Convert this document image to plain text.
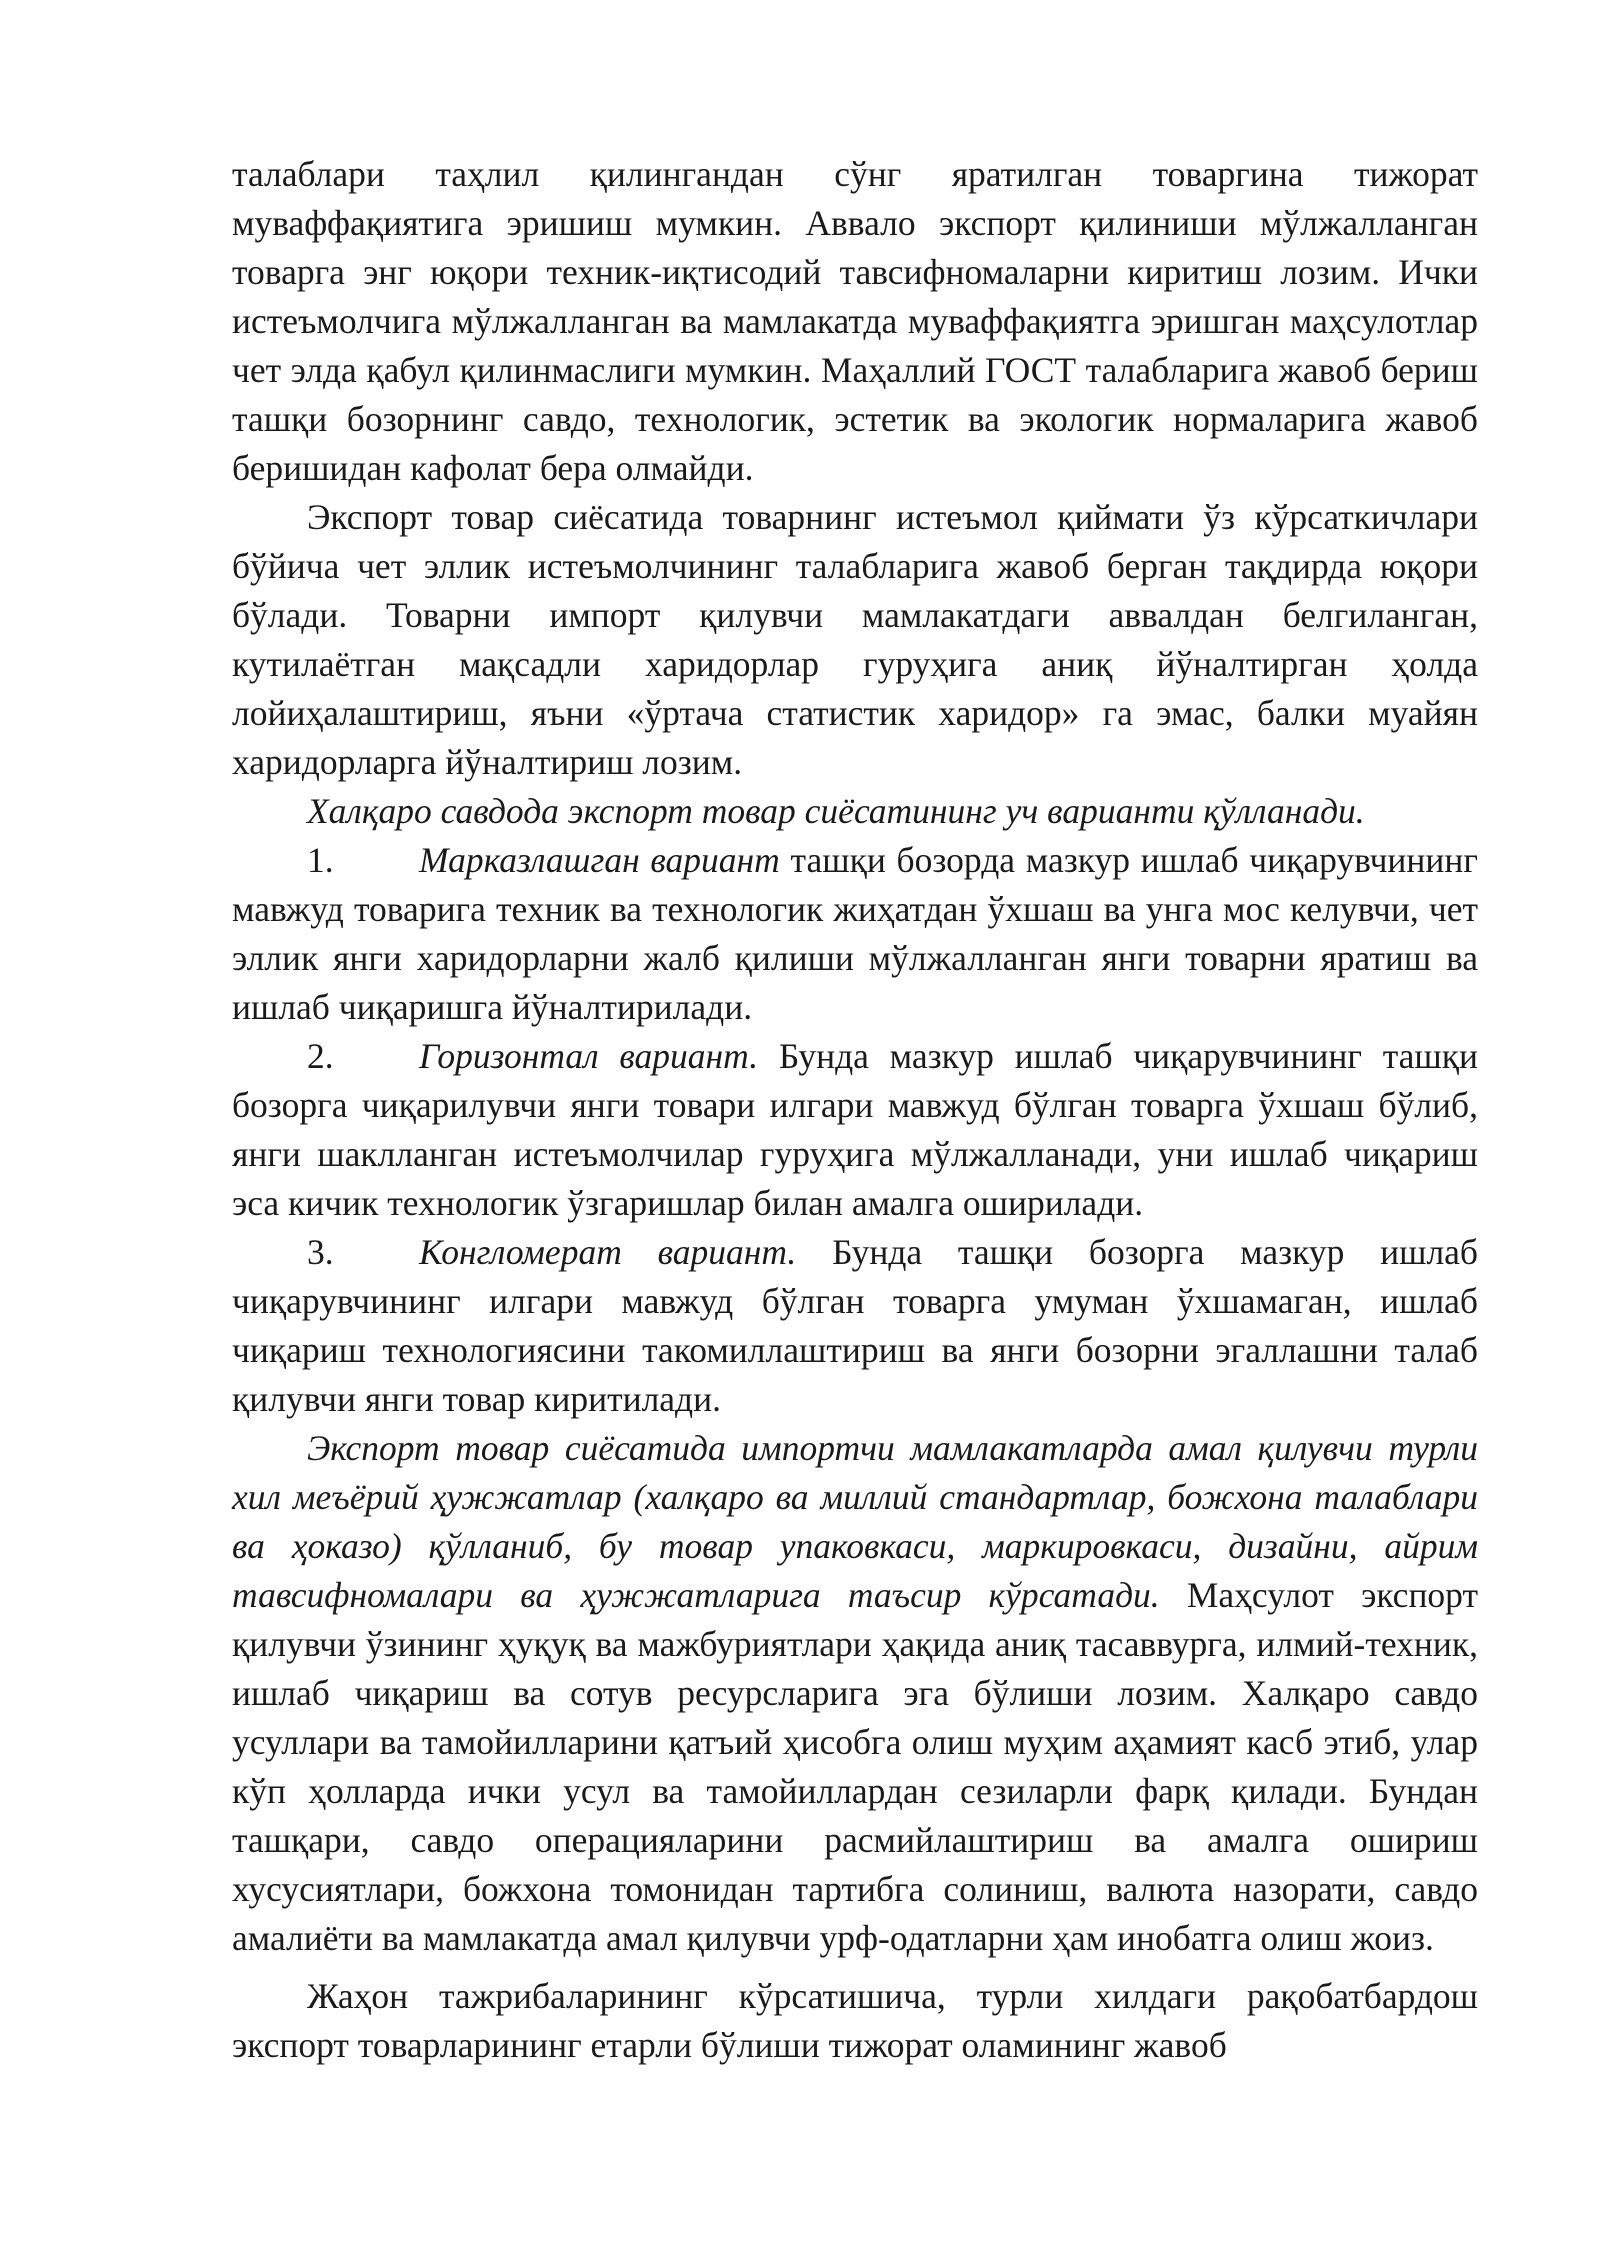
талаблари таҳлил қилингандан сўнг яратилган товаргина тижорат муваффақиятига эришиш мумкин. Аввало экспорт қилиниши мўлжалланган товарга энг юқори техник-иқтисодий тавсифномаларни киритиш лозим. Ички истеъмолчига мўлжалланган ва мамлакатда муваффақиятга эришган маҳсулотлар чет элда қабул қилинмаслиги мумкин. Маҳаллий ГОСТ талабларига жавоб бериш ташқи бозорнинг савдо, технологик, эстетик ва экологик нормаларига жавоб беришидан кафолат бера олмайди.

Экспорт товар сиёсатида товарнинг истеъмол қиймати ўз кўрсаткичлари бўйича чет эллик истеъмолчининг талабларига жавоб берган тақдирда юқори бўлади. Товарни импорт қилувчи мамлакатдаги аввалдан белгиланган, кутилаётган мақсадли харидорлар гуруҳига аниқ йўналтирган ҳолда лойиҳалаштириш, яъни «ўртача статистик харидор» га эмас, балки муайян харидорларга йўналтириш лозим.

Халқаро савдода экспорт товар сиёсатининг уч варианти қўлланади.

1. Марказлашган вариант ташқи бозорда мазкур ишлаб чиқарувчининг мавжуд товарига техник ва технологик жиҳатдан ўхшаш ва унга мос келувчи, чет эллик янги харидорларни жалб қилиши мўлжалланган янги товарни яратиш ва ишлаб чиқаришга йўналтирилади.

2. Горизонтал вариант. Бунда мазкур ишлаб чиқарувчининг ташқи бозорга чиқарилувчи янги товари илгари мавжуд бўлган товарга ўхшаш бўлиб, янги шаклланган истеъмолчилар гуруҳига мўлжалланади, уни ишлаб чиқариш эса кичик технологик ўзгаришлар билан амалга оширилади.

3. Конгломерат вариант. Бунда ташқи бозорга мазкур ишлаб чиқарувчининг илгари мавжуд бўлган товарга умуман ўхшамаган, ишлаб чиқариш технологиясини такомиллаштириш ва янги бозорни эгаллашни талаб қилувчи янги товар киритилади.

Экспорт товар сиёсатида импортчи мамлакатларда амал қилувчи турли хил меъёрий ҳужжатлар (халқаро ва миллий стандартлар, божхона талаблари ва ҳоказо) қўлланиб, бу товар упаковкаси, маркировкаси, дизайни, айрим тавсифномалари ва ҳужжатларига таъсир кўрсатади. Маҳсулот экспорт қилувчи ўзининг ҳуқуқ ва мажбуриятлари ҳақида аниқ тасаввурга, илмий-техник, ишлаб чиқариш ва сотув ресурсларига эга бўлиши лозим. Халқаро савдо усуллари ва тамойилларини қатъий ҳисобга олиш муҳим аҳамият касб этиб, улар кўп ҳолларда ички усул ва тамойиллардан сезиларли фарқ қилади. Бундан ташқари, савдо операцияларини расмийлаштириш ва амалга ошириш хусусиятлари, божхона томонидан тартибга солиниш, валюта назорати, савдо амалиёти ва мамлакатда амал қилувчи урф-одатларни ҳам инобатга олиш жоиз.

Жаҳон тажрибаларининг кўрсатишича, турли хилдаги рақобатбардош экспорт товарларининг етарли бўлиши тижорат оламининг жавоб
